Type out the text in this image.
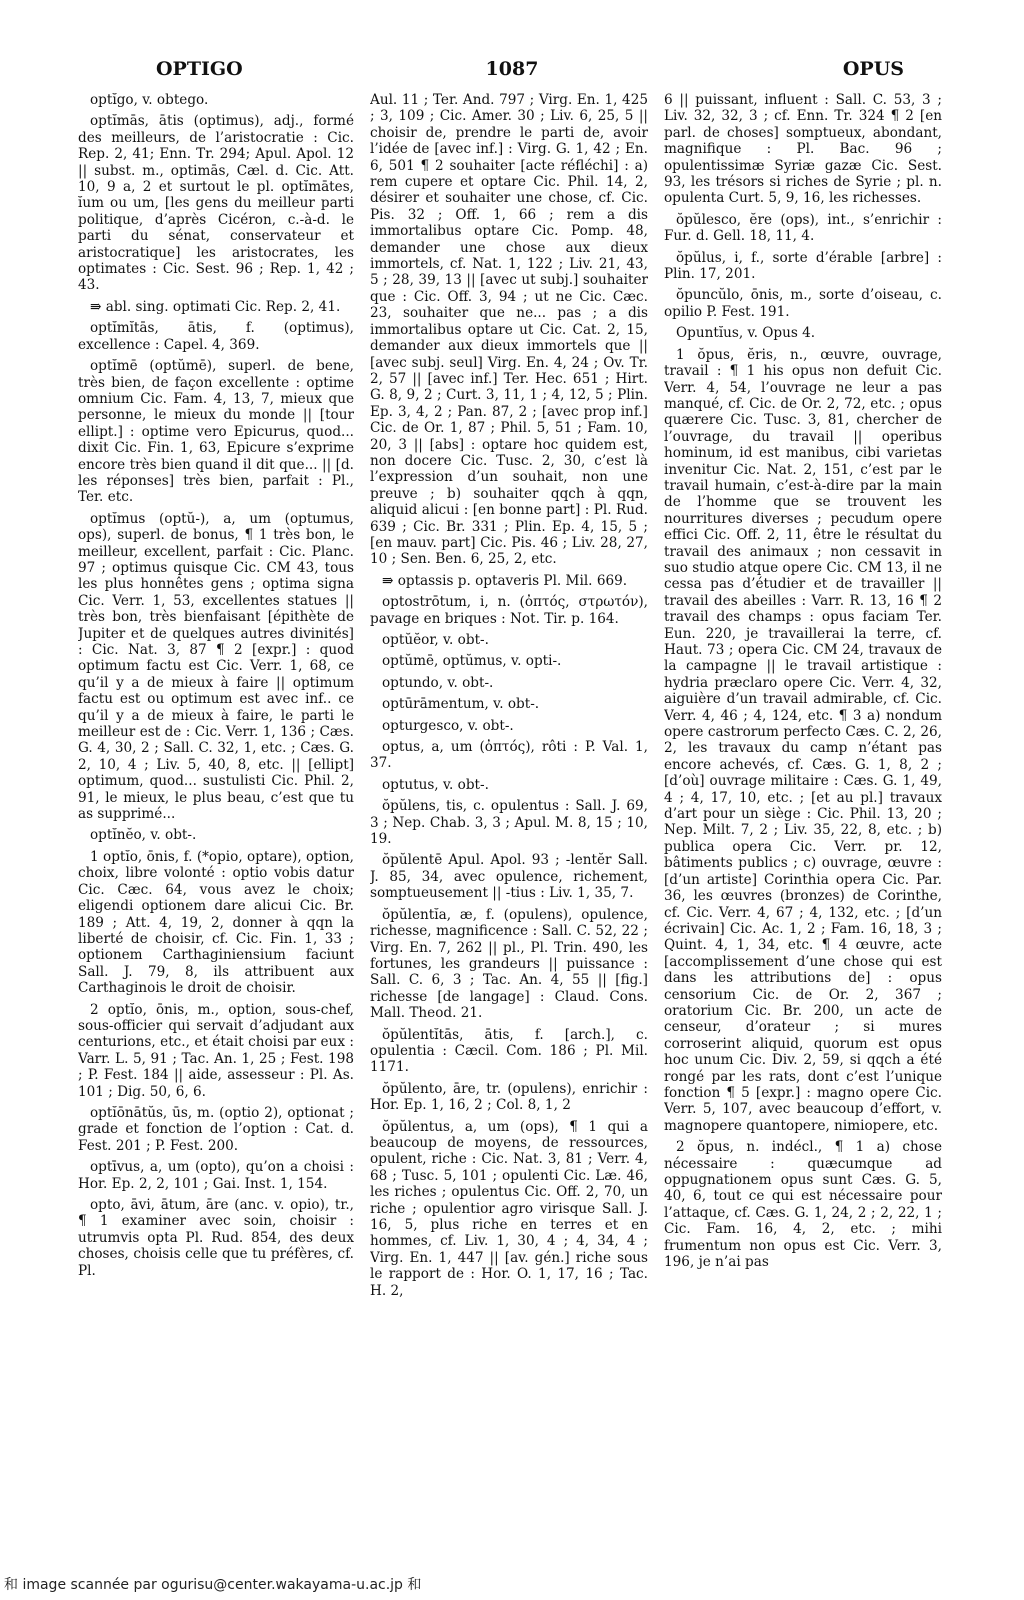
OPTIGO	1087	OPUS

optĭgo, v. obtego.

optĭmās, ātis (optimus), adj., formé des meilleurs, de l’aristocratie : Cic. Rep. 2, 41; Enn. Tr. 294; Apul. Apol. 12 || subst. m., optimās, Cæl. d. Cic. Att. 10, 9 a, 2 et surtout le pl. optĭmātes, ĭum ou um, [les gens du meilleur parti politique, d’après Cicéron, c.-à-d. le parti du sénat, conservateur et aristocratique] les aristocrates, les optimates : Cic. Sest. 96 ; Rep. 1, 42 ; 43.

⇛ abl. sing. optimati Cic. Rep. 2, 41.

optĭmĭtās, ātis, f. (optimus), excellence : Capel. 4, 369.

optĭmē (optŭmē), superl. de bene, très bien, de façon excellente : optime omnium Cic. Fam. 4, 13, 7, mieux que personne, le mieux du monde || [tour ellipt.] : optime vero Epicurus, quod... dixit Cic. Fin. 1, 63, Epicure s’exprime encore très bien quand il dit que... || [d. les réponses] très bien, parfait : Pl., Ter. etc.

optĭmus (optŭ-), a, um (optumus, ops), superl. de bonus, ¶ 1 très bon, le meilleur, excellent, parfait : Cic. Planc. 97 ; optimus quisque Cic. CM 43, tous les plus honnêtes gens ; optima signa Cic. Verr. 1, 53, excellentes statues || très bon, très bienfaisant [épithète de Jupiter et de quelques autres divinités] : Cic. Nat. 3, 87 ¶ 2 [expr.] : quod optimum factu est Cic. Verr. 1, 68, ce qu’il y a de mieux à faire || optimum factu est ou optimum est avec inf.. ce qu’il y a de mieux à faire, le parti le meilleur est de : Cic. Verr. 1, 136 ; Cæs. G. 4, 30, 2 ; Sall. C. 32, 1, etc. ; Cæs. G. 2, 10, 4 ; Liv. 5, 40, 8, etc. || [ellipt] optimum, quod... sustulisti Cic. Phil. 2, 91, le mieux, le plus beau, c’est que tu as supprimé...

optĭnĕo, v. obt-.

1 optĭo, ōnis, f. (*opio, optare), option, choix, libre volonté : optio vobis datur Cic. Cæc. 64, vous avez le choix; eligendi optionem dare alicui Cic. Br. 189 ; Att. 4, 19, 2, donner à qqn la liberté de choisir, cf. Cic. Fin. 1, 33 ; optionem Carthaginiensium faciunt Sall. J. 79, 8, ils attribuent aux Carthaginois le droit de choisir.

2 optĭo, ōnis, m., option, sous-chef, sous-officier qui servait d’adjudant aux centurions, etc., et était choisi par eux : Varr. L. 5, 91 ; Tac. An. 1, 25 ; Fest. 198 ; P. Fest. 184 || aide, assesseur : Pl. As. 101 ; Dig. 50, 6, 6.

optĭōnātŭs, ūs, m. (optio 2), optionat ; grade et fonction de l’option : Cat. d. Fest. 201 ; P. Fest. 200.

optīvus, a, um (opto), qu’on a choisi : Hor. Ep. 2, 2, 101 ; Gai. Inst. 1, 154.

opto, āvi, ātum, āre (anc. v. opio), tr., ¶ 1 examiner avec soin, choisir : utrumvis opta Pl. Rud. 854, des deux choses, choisis celle que tu préfères, cf. Pl.

Aul. 11 ; Ter. And. 797 ; Virg. En. 1, 425 ; 3, 109 ; Cic. Amer. 30 ; Liv. 6, 25, 5 || choisir de, prendre le parti de, avoir l’idée de [avec inf.] : Virg. G. 1, 42 ; En. 6, 501 ¶ 2 souhaiter [acte réfléchi] : a) rem cupere et optare Cic. Phil. 14, 2, désirer et souhaiter une chose, cf. Cic. Pis. 32 ; Off. 1, 66 ; rem a dis immortalibus optare Cic. Pomp. 48, demander une chose aux dieux immortels, cf. Nat. 1, 122 ; Liv. 21, 43, 5 ; 28, 39, 13 || [avec ut subj.] souhaiter que : Cic. Off. 3, 94 ; ut ne Cic. Cæc. 23, souhaiter que ne... pas ; a dis immortalibus optare ut Cic. Cat. 2, 15, demander aux dieux immortels que || [avec subj. seul] Virg. En. 4, 24 ; Ov. Tr. 2, 57 || [avec inf.] Ter. Hec. 651 ; Hirt. G. 8, 9, 2 ; Curt. 3, 11, 1 ; 4, 12, 5 ; Plin. Ep. 3, 4, 2 ; Pan. 87, 2 ; [avec prop inf.] Cic. de Or. 1, 87 ; Phil. 5, 51 ; Fam. 10, 20, 3 || [abs] : optare hoc quidem est, non docere Cic. Tusc. 2, 30, c’est là l’expression d’un souhait, non une preuve ; b) souhaiter qqch à qqn, aliquid alicui : [en bonne part] : Pl. Rud. 639 ; Cic. Br. 331 ; Plin. Ep. 4, 15, 5 ; [en mauv. part] Cic. Pis. 46 ; Liv. 28, 27, 10 ; Sen. Ben. 6, 25, 2, etc.

⇛ optassis p. optaveris Pl. Mil. 669.

optostrōtum, i, n. (ὀπτός, στρωτόν), pavage en briques : Not. Tir. p. 164.

optŭĕor, v. obt-.

optŭmē, optŭmus, v. opti-.

optundo, v. obt-.

optūrāmentum, v. obt-.

opturgesco, v. obt-.

optus, a, um (ὀπτός), rôti : P. Val. 1, 37.

optutus, v. obt-.

ŏpŭlens, tis, c. opulentus : Sall. J. 69, 3 ; Nep. Chab. 3, 3 ; Apul. M. 8, 15 ; 10, 19.

ŏpŭlentē Apul. Apol. 93 ; -lentĕr Sall. J. 85, 34, avec opulence, richement, somptueusement || -tius : Liv. 1, 35, 7.

ŏpŭlentĭa, æ, f. (opulens), opulence, richesse, magnificence : Sall. C. 52, 22 ; Virg. En. 7, 262 || pl., Pl. Trin. 490, les fortunes, les grandeurs || puissance : Sall. C. 6, 3 ; Tac. An. 4, 55 || [fig.] richesse [de langage] : Claud. Cons. Mall. Theod. 21.

ŏpŭlentĭtās, ātis, f. [arch.], c. opulentia : Cæcil. Com. 186 ; Pl. Mil. 1171.

ŏpŭlento, āre, tr. (opulens), enrichir : Hor. Ep. 1, 16, 2 ; Col. 8, 1, 2

ŏpŭlentus, a, um (ops), ¶ 1 qui a beaucoup de moyens, de ressources, opulent, riche : Cic. Nat. 3, 81 ; Verr. 4, 68 ; Tusc. 5, 101 ; opulenti Cic. Læ. 46, les riches ; opulentus Cic. Off. 2, 70, un riche ; opulentior agro virisque Sall. J. 16, 5, plus riche en terres et en hommes, cf. Liv. 1, 30, 4 ; 4, 34, 4 ; Virg. En. 1, 447 || [av. gén.] riche sous le rapport de : Hor. O. 1, 17, 16 ; Tac. H. 2,

6 || puissant, influent : Sall. C. 53, 3 ; Liv. 32, 32, 3 ; cf. Enn. Tr. 324 ¶ 2 [en parl. de choses] somptueux, abondant, magnifique : Pl. Bac. 96 ; opulentissimæ Syriæ gazæ Cic. Sest. 93, les trésors si riches de Syrie ; pl. n. opulenta Curt. 5, 9, 16, les richesses.

ŏpŭlesco, ĕre (ops), int., s’enrichir : Fur. d. Gell. 18, 11, 4.

ŏpŭlus, i, f., sorte d’érable [arbre] : Plin. 17, 201.

ŏpuncŭlo, ōnis, m., sorte d’oiseau, c. opilio P. Fest. 191.

Opuntĭus, v. Opus 4.

1 ŏpus, ĕris, n., œuvre, ouvrage, travail : ¶ 1 his opus non defuit Cic. Verr. 4, 54, l’ouvrage ne leur a pas manqué, cf. Cic. de Or. 2, 72, etc. ; opus quærere Cic. Tusc. 3, 81, chercher de l’ouvrage, du travail || operibus hominum, id est manibus, cibi varietas invenitur Cic. Nat. 2, 151, c’est par le travail humain, c’est-à-dire par la main de l’homme que se trouvent les nourritures diverses ; pecudum opere effici Cic. Off. 2, 11, être le résultat du travail des animaux ; non cessavit in suo studio atque opere Cic. CM 13, il ne cessa pas d’étudier et de travailler || travail des abeilles : Varr. R. 13, 16 ¶ 2 travail des champs : opus faciam Ter. Eun. 220, je travaillerai la terre, cf. Haut. 73 ; opera Cic. CM 24, travaux de la campagne || le travail artistique : hydria præclaro opere Cic. Verr. 4, 32, aiguière d’un travail admirable, cf. Cic. Verr. 4, 46 ; 4, 124, etc. ¶ 3 a) nondum opere castrorum perfecto Cæs. C. 2, 26, 2, les travaux du camp n’étant pas encore achevés, cf. Cæs. G. 1, 8, 2 ; [d’où] ouvrage militaire : Cæs. G. 1, 49, 4 ; 4, 17, 10, etc. ; [et au pl.] travaux d’art pour un siège : Cic. Phil. 13, 20 ; Nep. Milt. 7, 2 ; Liv. 35, 22, 8, etc. ; b) publica opera Cic. Verr. pr. 12, bâtiments publics ; c) ouvrage, œuvre : [d’un artiste] Corinthia opera Cic. Par. 36, les œuvres (bronzes) de Corinthe, cf. Cic. Verr. 4, 67 ; 4, 132, etc. ; [d’un écrivain] Cic. Ac. 1, 2 ; Fam. 16, 18, 3 ; Quint. 4, 1, 34, etc. ¶ 4 œuvre, acte [accomplissement d’une chose qui est dans les attributions de] : opus censorium Cic. de Or. 2, 367 ; oratorium Cic. Br. 200, un acte de censeur, d’orateur ; si mures corroserint aliquid, quorum est opus hoc unum Cic. Div. 2, 59, si qqch a été rongé par les rats, dont c’est l’unique fonction ¶ 5 [expr.] : magno opere Cic. Verr. 5, 107, avec beaucoup d’effort, v. magnopere quantopere, nimiopere, etc.

2 ŏpus, n. indécl., ¶ 1 a) chose nécessaire : quæcumque ad oppugnationem opus sunt Cæs. G. 5, 40, 6, tout ce qui est nécessaire pour l’attaque, cf. Cæs. G. 1, 24, 2 ; 2, 22, 1 ; Cic. Fam. 16, 4, 2, etc. ; mihi frumentum non opus est Cic. Verr. 3, 196, je n’ai pas

和 image scannée par ogurisu@center.wakayama-u.ac.jp 和
